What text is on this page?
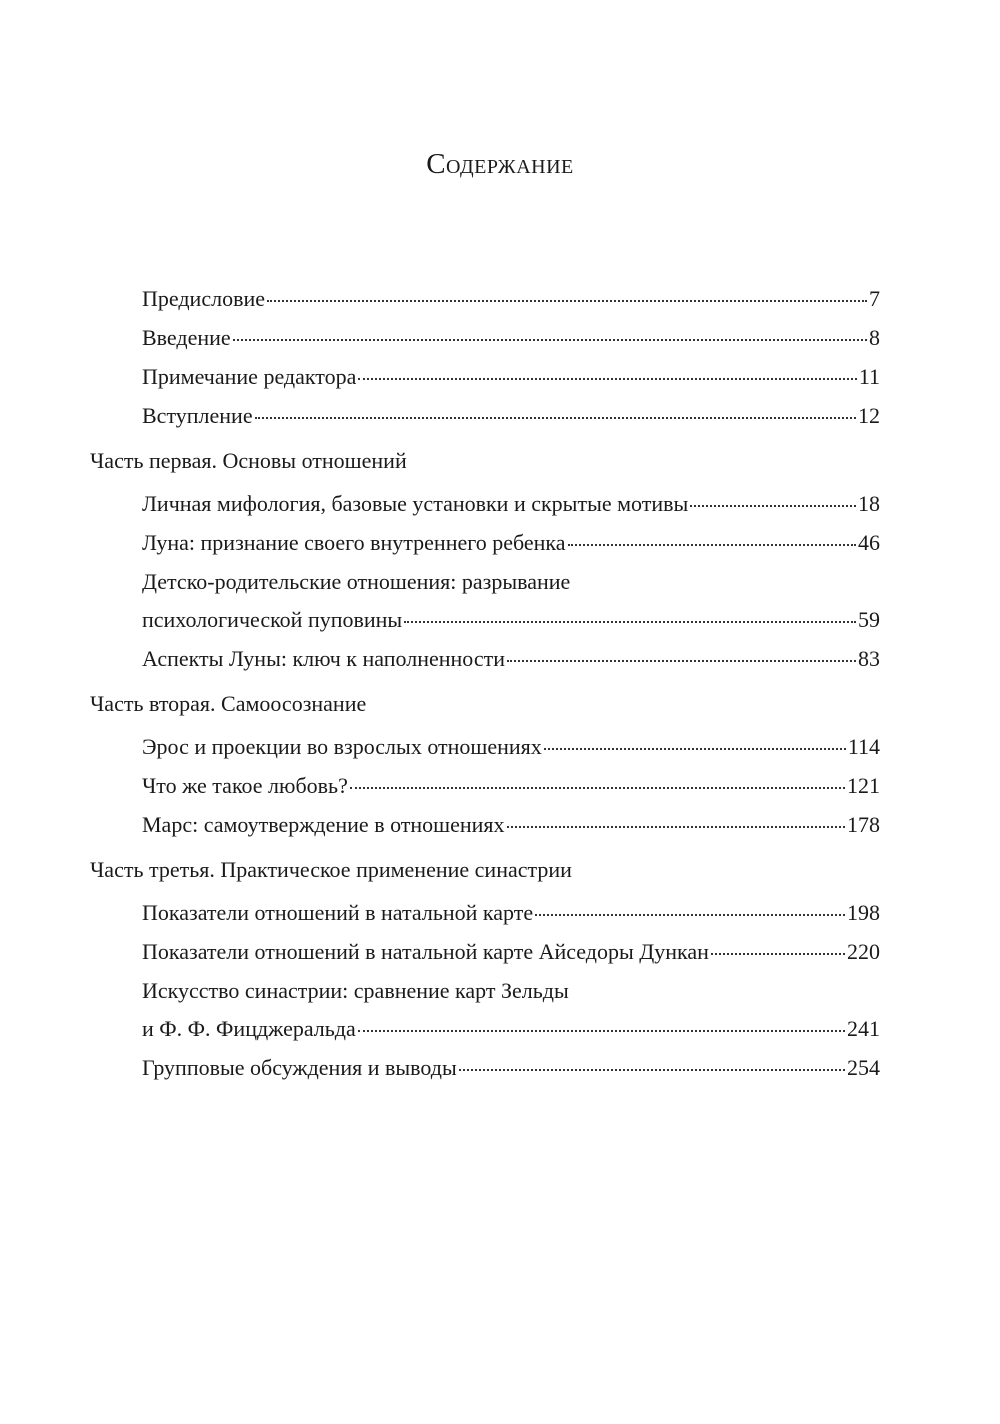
Содержание
Предисловие	7
Введение	8
Примечание редактора	11
Вступление	12
Часть первая. Основы отношений
Личная мифология, базовые установки и скрытые мотивы	18
Луна: признание своего внутреннего ребенка	46
Детско-родительские отношения: разрывание
психологической пуповины	59
Аспекты Луны: ключ к наполненности	83
Часть вторая. Самоосознание
Эрос и проекции во взрослых отношениях	114
Что же такое любовь?	121
Марс: самоутверждение в отношениях	178
Часть третья. Практическое применение синастрии
Показатели отношений в натальной карте	198
Показатели отношений в натальной карте Айседоры Дункан	220
Искусство синастрии: сравнение карт Зельды
и Ф. Ф. Фицджеральда	241
Групповые обсуждения и выводы	254
